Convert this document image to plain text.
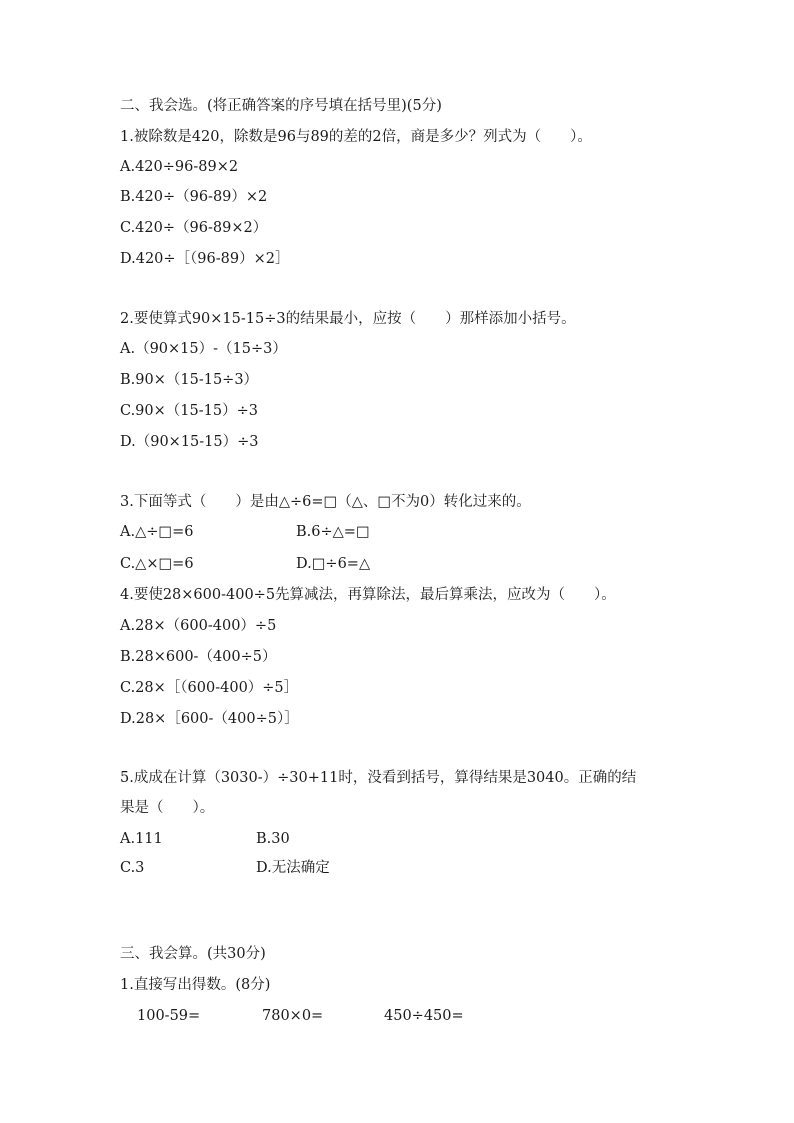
二、我会选。(将正确答案的序号填在括号里)(5分)
1.被除数是420，除数是96与89的差的2倍，商是多少？列式为（　　）。
A.420÷96-89×2
B.420÷（96-89）×2
C.420÷（96-89×2）
D.420÷［（96-89）×2］
2.要使算式90×15-15÷3的结果最小，应按（　　）那样添加小括号。
A.（90×15）-（15÷3）
B.90×（15-15÷3）
C.90×（15-15）÷3
D.（90×15-15）÷3
3.下面等式（　　）是由△÷6=□（△、□不为0）转化过来的。
A.△÷□=6	B.6÷△=□
C.△×□=6	D.□÷6=△
4.要使28×600-400÷5先算减法，再算除法，最后算乘法，应改为（　　）。
A.28×（600-400）÷5
B.28×600-（400÷5）
C.28×［（600-400）÷5］
D.28×［600-（400÷5）］
5.成成在计算（3030-）÷30+11时，没看到括号，算得结果是3040。正确的结
果是（　　）。
A.111	B.30
C.3	D.无法确定
三、我会算。(共30分)
1.直接写出得数。(8分)
100-59=	780×0=	450÷450=
